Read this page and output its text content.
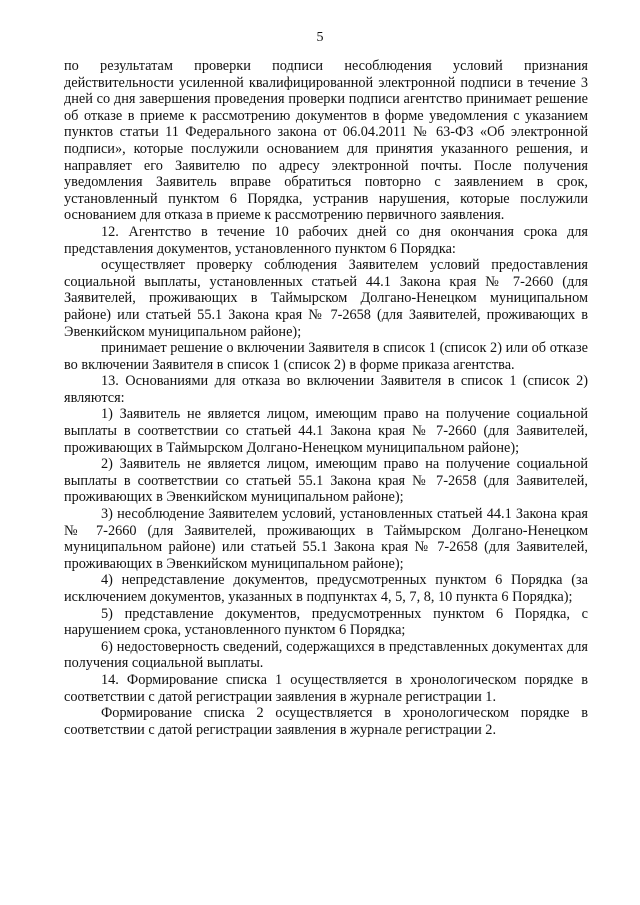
5

по результатам проверки подписи несоблюдения условий признания действительности усиленной квалифицированной электронной подписи в течение 3 дней со дня завершения проведения проверки подписи агентство принимает решение об отказе в приеме к рассмотрению документов в форме уведомления с указанием пунктов статьи 11 Федерального закона от 06.04.2011 № 63-ФЗ «Об электронной подписи», которые послужили основанием для принятия указанного решения, и направляет его Заявителю по адресу электронной почты. После получения уведомления Заявитель вправе обратиться повторно с заявлением в срок, установленный пунктом 6 Порядка, устранив нарушения, которые послужили основанием для отказа в приеме к рассмотрению первичного заявления.

12. Агентство в течение 10 рабочих дней со дня окончания срока для представления документов, установленного пунктом 6 Порядка:

осуществляет проверку соблюдения Заявителем условий предоставления социальной выплаты, установленных статьей 44.1 Закона края № 7-2660 (для Заявителей, проживающих в Таймырском Долгано-Ненецком муниципальном районе) или статьей 55.1 Закона края № 7-2658 (для Заявителей, проживающих в Эвенкийском муниципальном районе);

принимает решение о включении Заявителя в список 1 (список 2) или об отказе во включении Заявителя в список 1 (список 2) в форме приказа агентства.

13. Основаниями для отказа во включении Заявителя в список 1 (список 2) являются:

1) Заявитель не является лицом, имеющим право на получение социальной выплаты в соответствии со статьей 44.1 Закона края № 7-2660 (для Заявителей, проживающих в Таймырском Долгано-Ненецком муниципальном районе);

2) Заявитель не является лицом, имеющим право на получение социальной выплаты в соответствии со статьей 55.1 Закона края № 7-2658 (для Заявителей, проживающих в Эвенкийском муниципальном районе);

3) несоблюдение Заявителем условий, установленных статьей 44.1 Закона края № 7-2660 (для Заявителей, проживающих в Таймырском Долгано-Ненецком муниципальном районе) или статьей 55.1 Закона края № 7-2658 (для Заявителей, проживающих в Эвенкийском муниципальном районе);

4) непредставление документов, предусмотренных пунктом 6 Порядка (за исключением документов, указанных в подпунктах 4, 5, 7, 8, 10 пункта 6 Порядка);

5) представление документов, предусмотренных пунктом 6 Порядка, с нарушением срока, установленного пунктом 6 Порядка;

6) недостоверность сведений, содержащихся в представленных документах для получения социальной выплаты.

14. Формирование списка 1 осуществляется в хронологическом порядке в соответствии с датой регистрации заявления в журнале регистрации 1.

Формирование списка 2 осуществляется в хронологическом порядке в соответствии с датой регистрации заявления в журнале регистрации 2.
